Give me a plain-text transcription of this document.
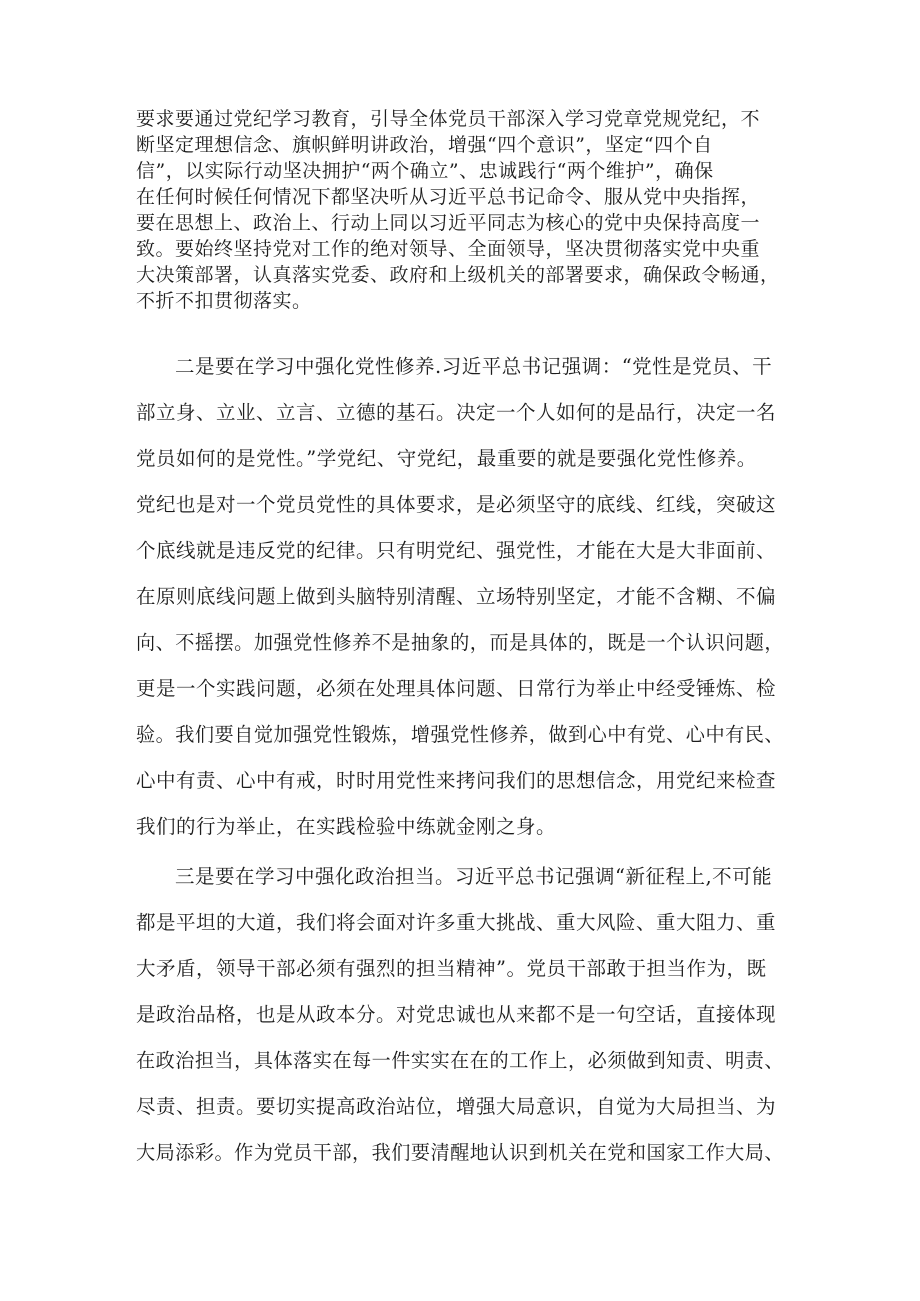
要求要通过党纪学习教育，引导全体党员干部深入学习党章党规党纪，不
断坚定理想信念、旗帜鲜明讲政治，增强“四个意识”，坚定“四个自
信”，以实际行动坚决拥护“两个确立”、忠诚践行“两个维护”，确保
在任何时候任何情况下都坚决听从习近平总书记命令、服从党中央指挥，
要在思想上、政治上、行动上同以习近平同志为核心的党中央保持高度一
致。要始终坚持党对工作的绝对领导、全面领导，坚决贯彻落实党中央重
大决策部署，认真落实党委、政府和上级机关的部署要求，确保政令畅通，
不折不扣贯彻落实。
二是要在学习中强化党性修养.习近平总书记强调：“党性是党员、干
部立身、立业、立言、立德的基石。决定一个人如何的是品行，决定一名
党员如何的是党性。”学党纪、守党纪，最重要的就是要强化党性修养。
党纪也是对一个党员党性的具体要求，是必须坚守的底线、红线，突破这
个底线就是违反党的纪律。只有明党纪、强党性，才能在大是大非面前、
在原则底线问题上做到头脑特别清醒、立场特别坚定，才能不含糊、不偏
向、不摇摆。加强党性修养不是抽象的，而是具体的，既是一个认识问题，
更是一个实践问题，必须在处理具体问题、日常行为举止中经受锤炼、检
验。我们要自觉加强党性锻炼，增强党性修养，做到心中有党、心中有民、
心中有责、心中有戒，时时用党性来拷问我们的思想信念，用党纪来检查
我们的行为举止，在实践检验中练就金刚之身。
三是要在学习中强化政治担当。习近平总书记强调“新征程上,不可能
都是平坦的大道，我们将会面对许多重大挑战、重大风险、重大阻力、重
大矛盾，领导干部必须有强烈的担当精神”。党员干部敢于担当作为，既
是政治品格，也是从政本分。对党忠诚也从来都不是一句空话，直接体现
在政治担当，具体落实在每一件实实在在的工作上，必须做到知责、明责、
尽责、担责。要切实提高政治站位，增强大局意识，自觉为大局担当、为
大局添彩。作为党员干部，我们要清醒地认识到机关在党和国家工作大局、
